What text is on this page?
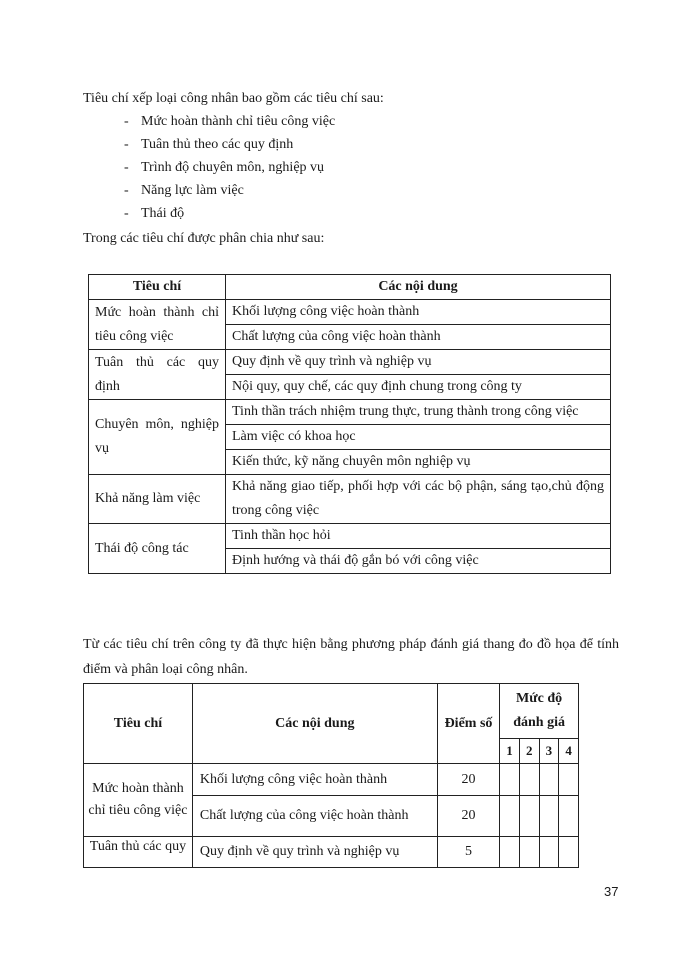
Tiêu chí xếp loại công nhân bao gồm các tiêu chí sau:
- Mức hoàn thành chỉ tiêu công việc
- Tuân thủ theo các quy định
- Trình độ chuyên môn, nghiệp vụ
- Năng lực làm việc
- Thái độ
Trong các tiêu chí được phân chia như sau:
Tiêu chí	Các nội dung
Mức hoàn thành chỉ tiêu công việc	Khối lượng công việc hoàn thành
	Chất lượng của công việc hoàn thành
Tuân thủ các quy định	Quy định về quy trình và nghiệp vụ
	Nội quy, quy chế, các quy định chung trong công ty
Chuyên môn, nghiệp vụ	Tinh thần trách nhiệm trung thực, trung thành trong công việc
	Làm việc có khoa học
	Kiến thức, kỹ năng chuyên môn nghiệp vụ
Khả năng làm việc	Khả năng giao tiếp, phối hợp với các bộ phận, sáng tạo,chủ động trong công việc
Thái độ công tác	Tinh thần học hỏi
	Định hướng và thái độ gắn bó với công việc
Từ các tiêu chí trên công ty đã thực hiện bằng phương pháp đánh giá thang đo đồ họa để tính điểm và phân loại công nhân.
Tiêu chí	Các nội dung	Điểm số	Mức độ đánh giá			
			1	2	3	4
Mức hoàn thành chỉ tiêu công việc	Khối lượng công việc hoàn thành	20				
	Chất lượng của công việc hoàn thành	20				
Tuân thủ các quy	Quy định về quy trình và nghiệp vụ	5				
37
